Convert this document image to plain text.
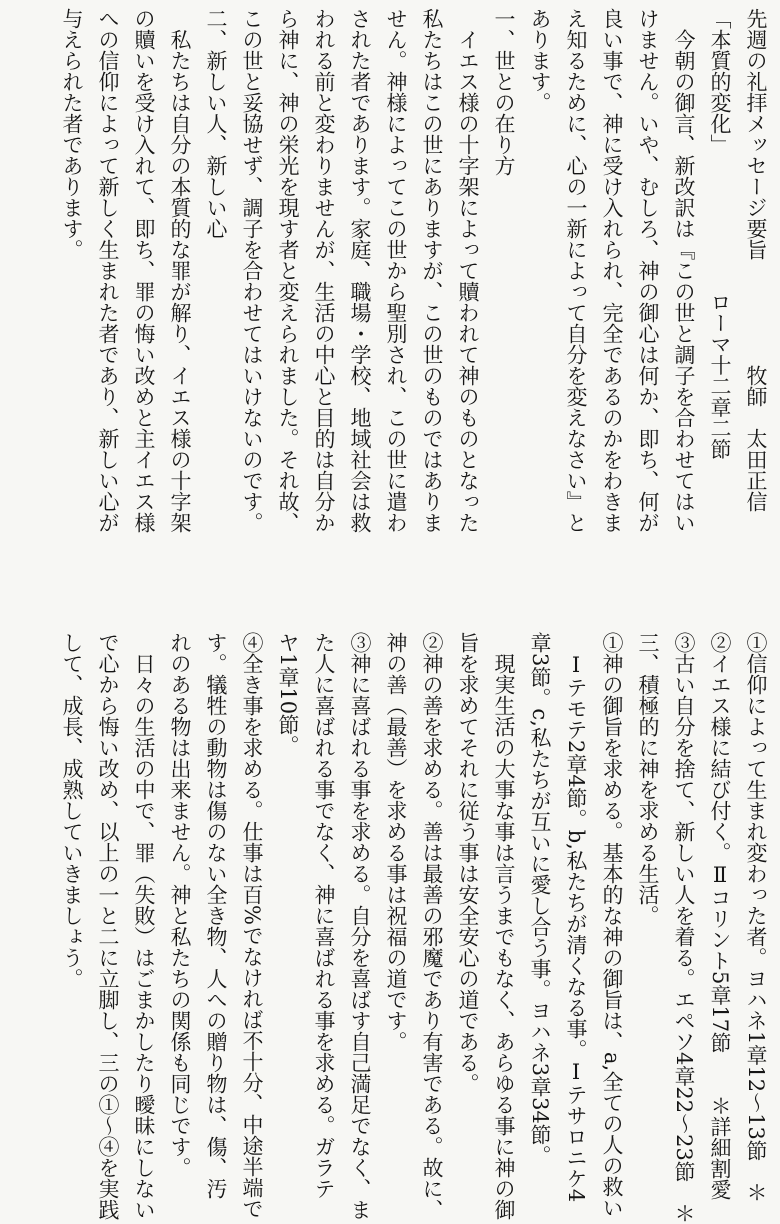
先週の礼拝メッセージ要旨　　　　　牧師　太田正信
「本質的変化」　　　　　　　ローマ十二章二節
今朝の御言、新改訳は『この世と調子を合わせてはい
けません。いや、むしろ、神の御心は何か、即ち、何が
良い事で、神に受け入れられ、完全であるのかをわきま
え知るために、心の一新によって自分を変えなさい』と
あります。
一、世との在り方
イエス様の十字架によって贖われて神のものとなった
私たちはこの世にありますが、この世のものではありま
せん。神様によってこの世から聖別され、この世に遣わ
された者であります。家庭、職場・学校、地域社会は救
われる前と変わりませんが、生活の中心と目的は自分か
ら神に、神の栄光を現す者と変えられました。それ故、
この世と妥協せず、調子を合わせてはいけないのです。
二、新しい人、新しい心
私たちは自分の本質的な罪が解り、イエス様の十字架
の贖いを受け入れて、即ち、罪の悔い改めと主イエス様
への信仰によって新しく生まれた者であり、新しい心が
与えられた者であります。
①信仰によって生まれ変わった者。ヨハネ1章12～13節　＊
②イエス様に結び付く。Ⅱコリント5章17節　　＊詳細割愛
③古い自分を捨て、新しい人を着る。エペソ4章22～23節　＊
三、積極的に神を求める生活。
①神の御旨を求める。基本的な神の御旨は、a,全ての人の救い
Ⅰテモテ2章4節。b,私たちが清くなる事。Ⅰテサロニケ4
章3節。c,私たちが互いに愛し合う事。ヨハネ3章34節。
現実生活の大事な事は言うまでもなく、あらゆる事に神の御
旨を求めてそれに従う事は安全安心の道である。
②神の善を求める。善は最善の邪魔であり有害である。故に、
神の善（最善）を求める事は祝福の道です。
③神に喜ばれる事を求める。自分を喜ばす自己満足でなく、ま
た人に喜ばれる事でなく、神に喜ばれる事を求める。ガラテ
ヤ1章10節。
④全き事を求める。仕事は百%でなければ不十分、中途半端で
す。犠牲の動物は傷のない全き物、人への贈り物は、傷、汚
れのある物は出来ません。神と私たちの関係も同じです。
日々の生活の中で、罪（失敗）はごまかしたり曖昧にしない
で心から悔い改め、以上の一と二に立脚し、三の①～④を実践
して、成長、成熟していきましょう。
